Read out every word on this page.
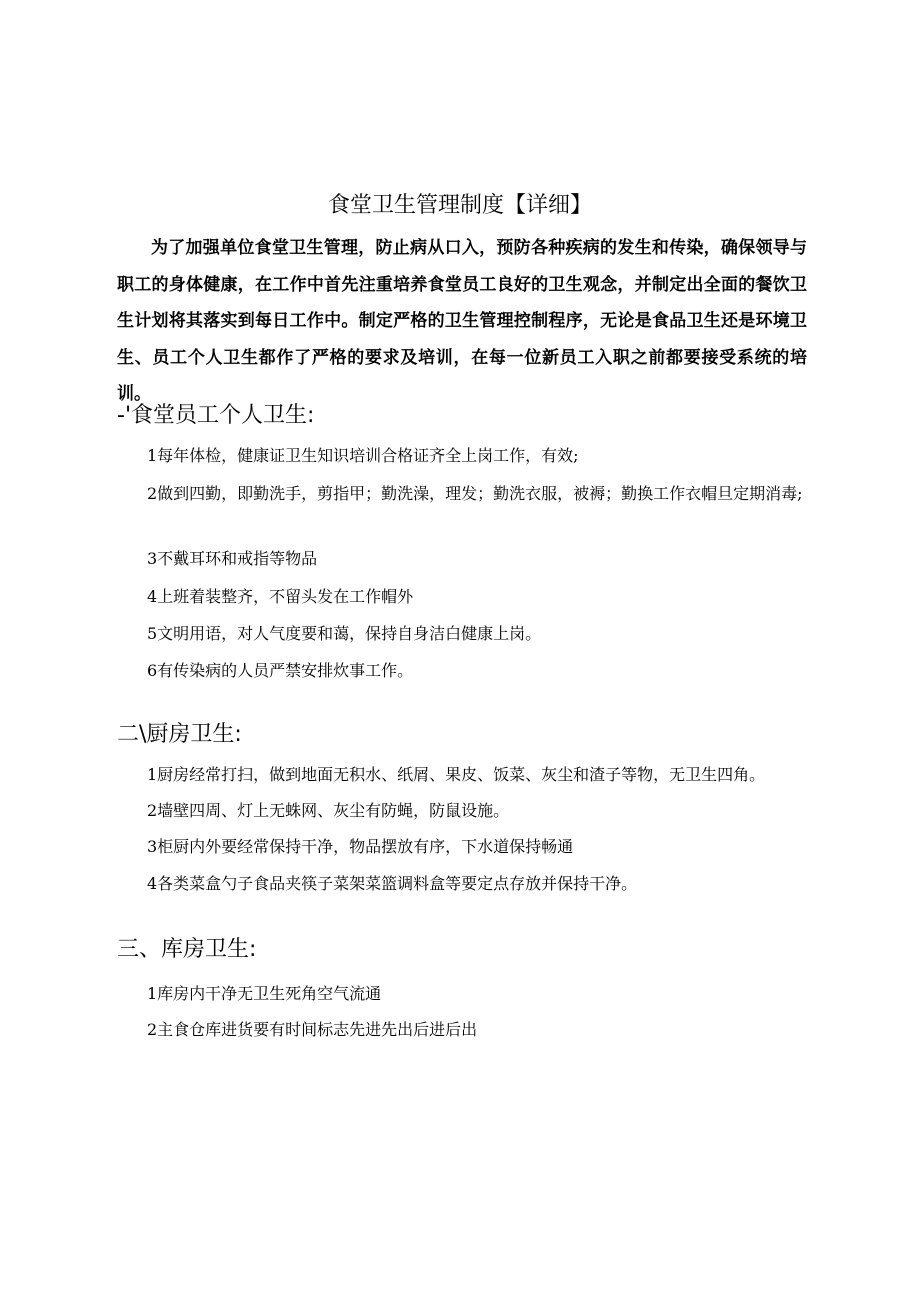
食堂卫生管理制度【详细】

为了加强单位食堂卫生管理，防止病从口入，预防各种疾病的发生和传染，确保领导与职工的身体健康，在工作中首先注重培养食堂员工良好的卫生观念，并制定出全面的餐饮卫生计划将其落实到每日工作中。制定严格的卫生管理控制程序，无论是食品卫生还是环境卫生、员工个人卫生都作了严格的要求及培训，在每一位新员工入职之前都要接受系统的培训。

-'食堂员工个人卫生:

1每年体检，健康证卫生知识培训合格证齐全上岗工作，有效;

2做到四勤，即勤洗手，剪指甲；勤洗澡，理发；勤洗衣服，被褥；勤换工作衣帽旦定期消毒;

3不戴耳环和戒指等物品

4上班着装整齐，不留头发在工作帽外

5文明用语，对人气度要和蔼，保持自身洁白健康上岗。

6有传染病的人员严禁安排炊事工作。

二\厨房卫生:

1厨房经常打扫，做到地面无积水、纸屑、果皮、饭菜、灰尘和渣子等物，无卫生四角。

2墙壁四周、灯上无蛛网、灰尘有防蝇，防鼠设施。

3柜厨内外要经常保持干净，物品摆放有序，下水道保持畅通

4各类菜盒勺子食品夹筷子菜架菜篮调料盒等要定点存放并保持干净。

三、库房卫生:

1库房内干净无卫生死角空气流通

2主食仓库进货要有时间标志先进先出后进后出
